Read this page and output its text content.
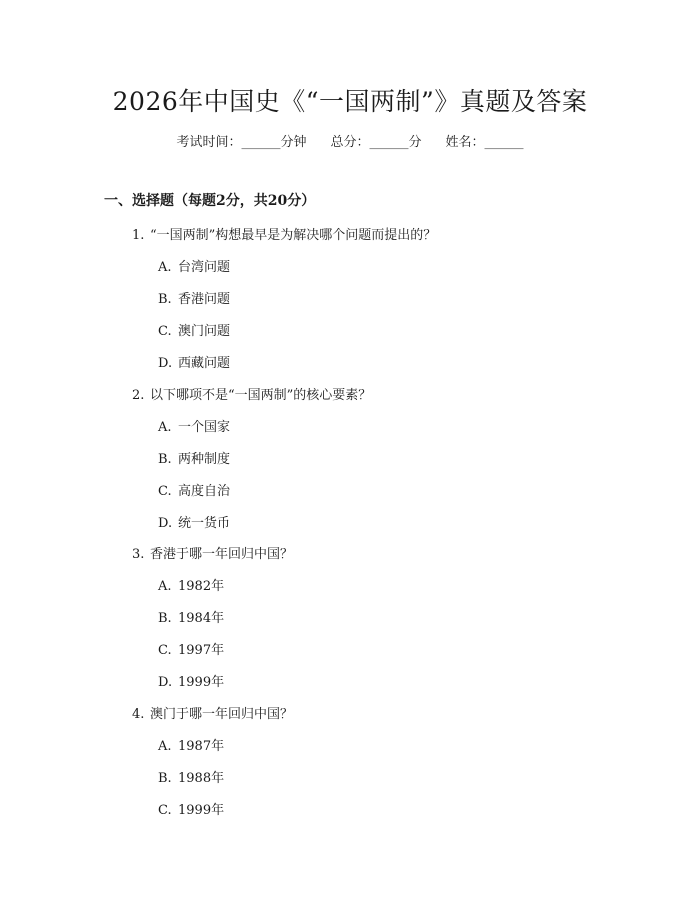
2026年中国史《“一国两制”》真题及答案
考试时间：______分钟 总分：______分 姓名：______
一、选择题（每题2分，共20分）
1. “一国两制”构想最早是为解决哪个问题而提出的？
A. 台湾问题
B. 香港问题
C. 澳门问题
D. 西藏问题
2. 以下哪项不是“一国两制”的核心要素？
A. 一个国家
B. 两种制度
C. 高度自治
D. 统一货币
3. 香港于哪一年回归中国？
A. 1982年
B. 1984年
C. 1997年
D. 1999年
4. 澳门于哪一年回归中国？
A. 1987年
B. 1988年
C. 1999年
